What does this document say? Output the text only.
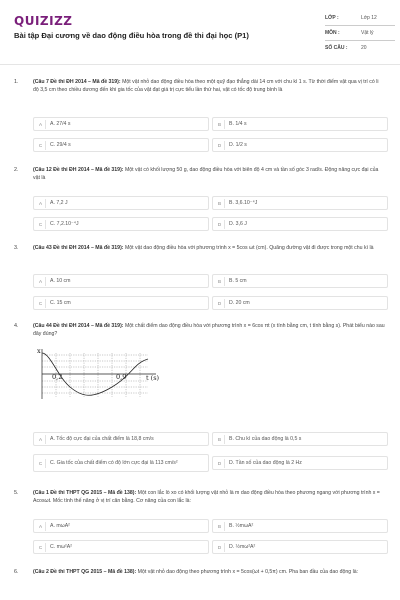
QUIZIZZ
Bài tập Đại cương về dao động điều hòa trong đề thi đại học (P1)
LỚP :	Lớp 12
MÔN :	Vật lý
SỐ CÂU :	20
1.	(Câu 7 Đề thi ĐH 2014 – Mã đề 319): Một vật nhỏ dao động điều hòa theo một quỹ đạo thẳng dài 14 cm với chu kì 1 s. Từ thời điểm vật qua vị trí có li độ 3,5 cm theo chiều dương đến khi gia tốc của vật đạt giá trị cực tiểu lần thứ hai, vật có tốc độ trung bình là
A	A. 27/4 s	B	B. 1/4 s
C	C. 29/4 s	D	D. 1/2 s
2.	(Câu 12 Đề thi ĐH 2014 – Mã đề 319): Một vật có khối lượng 50 g, dao động điều hòa với biên độ 4 cm và tần số góc 3 rad/s. Động năng cực đại của vật là
A	A. 7,2 J	B	B. 3,6.10⁻⁴J
C	C. 7,2.10⁻⁴J	D	D. 3,6 J
3.	(Câu 43 Đề thi ĐH 2014 – Mã đề 319): Một vật dao động điều hòa với phương trình x = 5cos ωt (cm). Quãng đường vật đi được trong một chu kì là
A	A. 10 cm	B	B. 5 cm
C	C. 15 cm	D	D. 20 cm
4.	(Câu 44 Đề thi ĐH 2014 – Mã đề 319): Một chất điểm dao động điều hòa với phương trình x = 6cos πt (x tính bằng cm, t tính bằng s). Phát biểu nào sau đây đúng?
x
t (s)
0,2	0,9
A	A. Tốc độ cực đại của chất điểm là 18,8 cm/s	B	B. Chu kì của dao động là 0,5 s
C	C. Gia tốc của chất điểm có độ lớn cực đại là 113 cm/s²	D	D. Tần số của dao động là 2 Hz
5.	(Câu 1 Đề thi THPT QG 2015 – Mã đề 138): Một con lắc lò xo có khối lượng vật nhỏ là m dao động điều hòa theo phương ngang với phương trình x = Acosωt. Mốc tính thế năng ở vị trí cân bằng. Cơ năng của con lắc là:
A	A. mωA²	B	B. ½mωA²
C	C. mω²A²	D	D. ½mω²A²
6.	(Câu 2 Đề thi THPT QG 2015 – Mã đề 138): Một vật nhỏ dao động theo phương trình x = 5cos(ωt + 0,5π) cm. Pha ban đầu của dao động là:
